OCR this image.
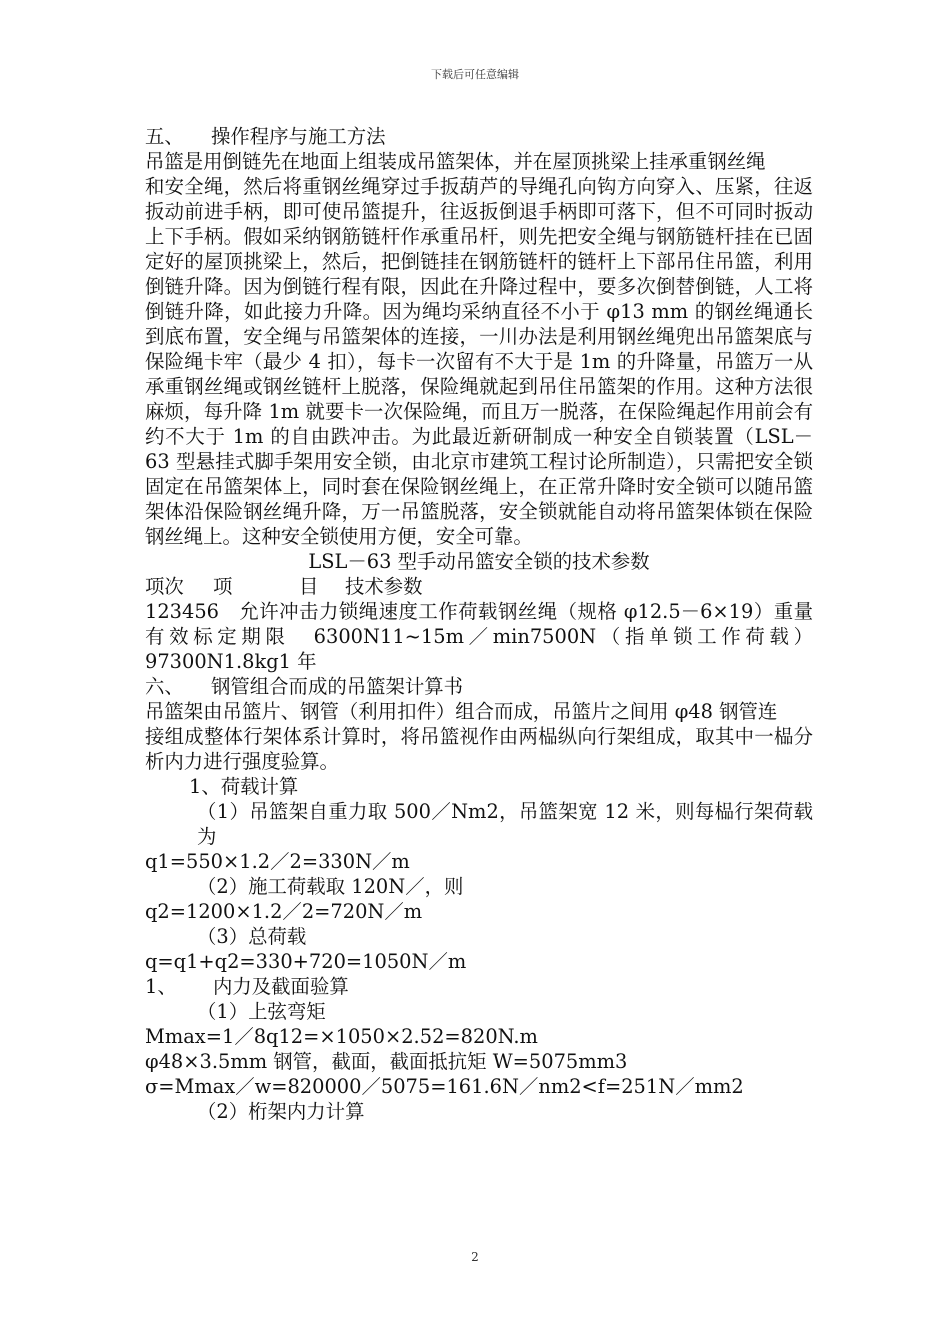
下载后可任意编辑

五、 操作程序与施工方法

吊篮是用倒链先在地面上组装成吊篮架体，并在屋顶挑梁上挂承重钢丝绳

和安全绳，然后将重钢丝绳穿过手扳葫芦的导绳孔向钩方向穿入、压紧，往返扳动前进手柄，即可使吊篮提升，往返扳倒退手柄即可落下，但不可同时扳动上下手柄。假如采纳钢筋链杆作承重吊杆，则先把安全绳与钢筋链杆挂在已固定好的屋顶挑梁上，然后，把倒链挂在钢筋链杆的链杆上下部吊住吊篮，利用倒链升降。因为倒链行程有限，因此在升降过程中，要多次倒替倒链，人工将倒链升降，如此接力升降。因为绳均采纳直径不小于 φ13 mm 的钢丝绳通长到底布置，安全绳与吊篮架体的连接，一川办法是利用钢丝绳兜出吊篮架底与保险绳卡牢（最少 4 扣），每卡一次留有不大于是 1m 的升降量，吊篮万一从承重钢丝绳或钢丝链杆上脱落，保险绳就起到吊住吊篮架的作用。这种方法很麻烦，每升降 1m 就要卡一次保险绳，而且万一脱落，在保险绳起作用前会有约不大于 1m 的自由跌冲击。为此最近新研制成一种安全自锁装置（LSL－63 型悬挂式脚手架用安全锁，由北京市建筑工程讨论所制造），只需把安全锁固定在吊篮架体上，同时套在保险钢丝绳上，在正常升降时安全锁可以随吊篮架体沿保险钢丝绳升降，万一吊篮脱落，安全锁就能自动将吊篮架体锁在保险钢丝绳上。这种安全锁使用方便，安全可靠。

LSL－63 型手动吊篮安全锁的技术参数

项次 项	目 技术参数

123456　允许冲击力锁绳速度工作荷载钢丝绳（规格 φ12.5－6×19）重量有效标定期限　6300N11~15m／min7500N（指单锁工作荷载）97300N1.8kg1 年

六、 钢管组合而成的吊篮架计算书

吊篮架由吊篮片、钢管（利用扣件）组合而成，吊篮片之间用 φ48 钢管连

接组成整体行架体系计算时，将吊篮视作由两榀纵向行架组成，取其中一榀分析内力进行强度验算。

1、荷载计算

（1）吊篮架自重力取 500／Nm2，吊篮架宽 12 米，则每榀行架荷载为

q1=550×1.2／2=330N／m

（2）施工荷载取 120N／，则

q2=1200×1.2／2=720N／m

（3）总荷载

q=q1+q2=330+720=1050N／m

1、 内力及截面验算

（1）上弦弯矩

Mmax=1／8q12=×1050×2.52=820N.m

φ48×3.5mm 钢管，截面，截面抵抗矩 W=5075mm3

σ=Mmax／w=820000／5075=161.6N／nm2<f=251N／mm2

（2）桁架内力计算

2
